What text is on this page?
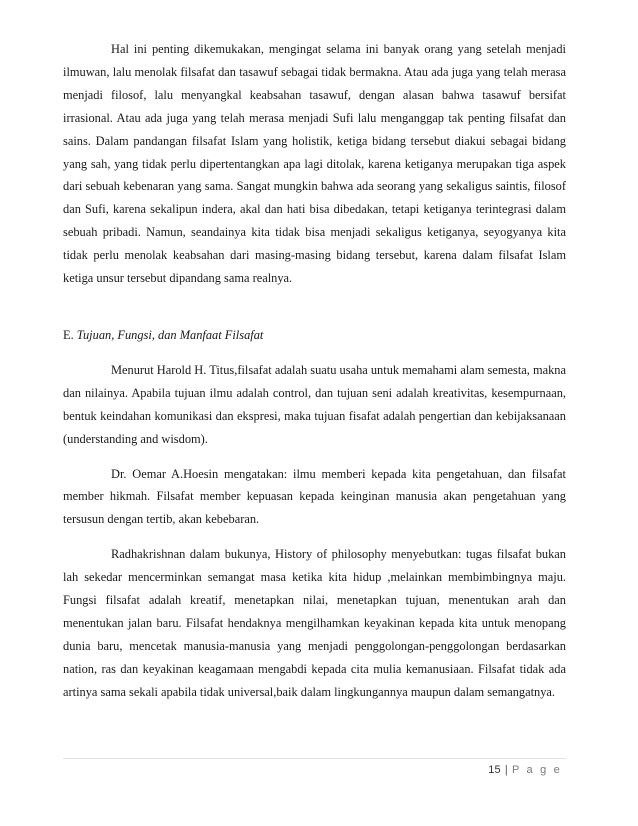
Hal ini penting dikemukakan, mengingat selama ini banyak orang yang setelah menjadi ilmuwan, lalu menolak filsafat dan tasawuf sebagai tidak bermakna. Atau ada juga yang telah merasa menjadi filosof, lalu menyangkal keabsahan tasawuf, dengan alasan bahwa tasawuf bersifat irrasional. Atau ada juga yang telah merasa menjadi Sufi lalu menganggap tak penting filsafat dan sains. Dalam pandangan filsafat Islam yang holistik, ketiga bidang tersebut diakui sebagai bidang yang sah, yang tidak perlu dipertentangkan apa lagi ditolak, karena ketiganya merupakan tiga aspek dari sebuah kebenaran yang sama. Sangat mungkin bahwa ada seorang yang sekaligus saintis, filosof dan Sufi, karena sekalipun indera, akal dan hati bisa dibedakan, tetapi ketiganya terintegrasi dalam sebuah pribadi. Namun, seandainya kita tidak bisa menjadi sekaligus ketiganya, seyogyanya kita tidak perlu menolak keabsahan dari masing-masing bidang tersebut, karena dalam filsafat Islam ketiga unsur tersebut dipandang sama realnya.

E. Tujuan, Fungsi, dan Manfaat Filsafat

Menurut Harold H. Titus,filsafat adalah suatu usaha untuk memahami alam semesta, makna dan nilainya. Apabila tujuan ilmu adalah control, dan tujuan seni adalah kreativitas, kesempurnaan, bentuk keindahan komunikasi dan ekspresi, maka tujuan fisafat adalah pengertian dan kebijaksanaan (understanding and wisdom).

Dr. Oemar A.Hoesin mengatakan: ilmu memberi kepada kita pengetahuan, dan filsafat member hikmah. Filsafat member kepuasan kepada keinginan manusia akan pengetahuan yang tersusun dengan tertib, akan kebebaran.

Radhakrishnan dalam bukunya, History of philosophy menyebutkan: tugas filsafat bukan lah sekedar mencerminkan semangat masa ketika kita hidup ,melainkan membimbingnya maju. Fungsi filsafat adalah kreatif, menetapkan nilai, menetapkan tujuan, menentukan arah dan menentukan jalan baru. Filsafat hendaknya mengilhamkan keyakinan kepada kita untuk menopang dunia baru, mencetak manusia-manusia yang menjadi penggolongan-penggolongan berdasarkan nation, ras dan keyakinan keagamaan mengabdi kepada cita mulia kemanusiaan. Filsafat tidak ada artinya sama sekali apabila tidak universal,baik dalam lingkungannya maupun dalam semangatnya.

15 | P a g e
